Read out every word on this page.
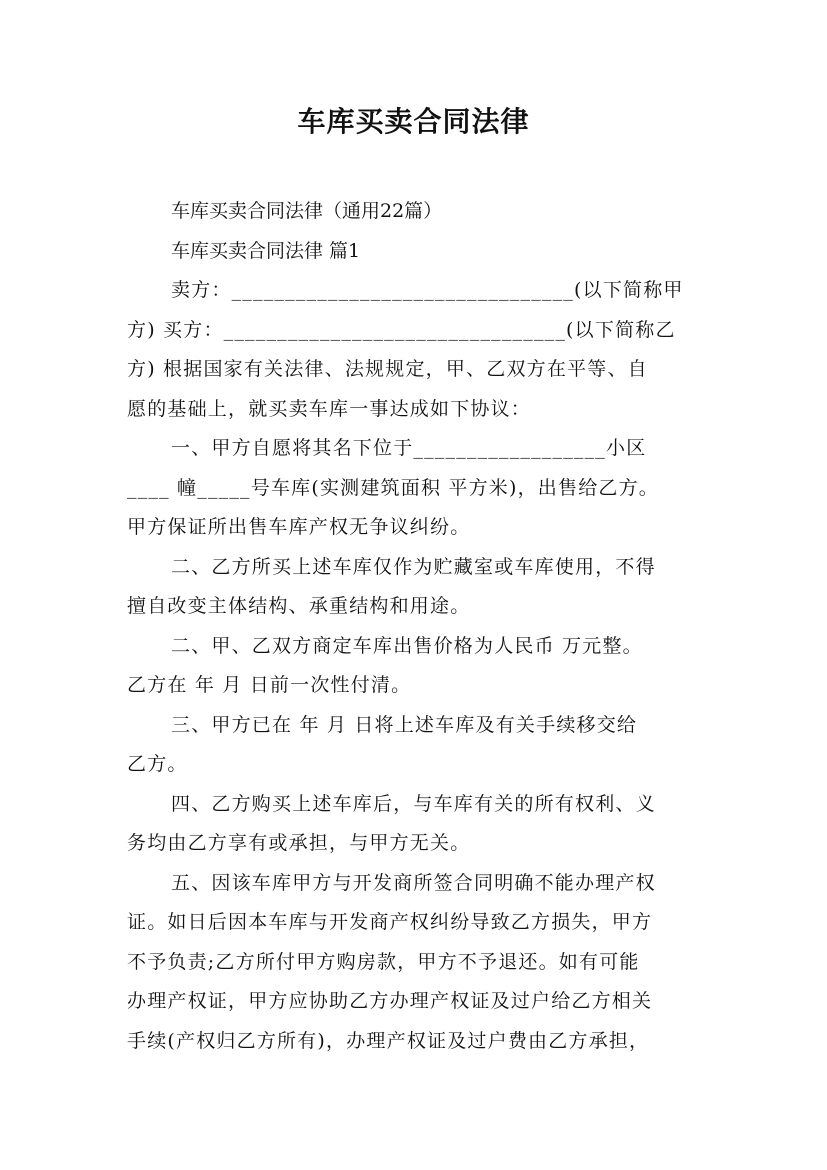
车库买卖合同法律
车库买卖合同法律（通用22篇）
车库买卖合同法律 篇1
卖方：________________________________(以下简称甲
方) 买方：________________________________(以下简称乙
方) 根据国家有关法律、法规规定，甲、乙双方在平等、自
愿的基础上，就买卖车库一事达成如下协议：
一、甲方自愿将其名下位于__________________小区
____ 幢_____号车库(实测建筑面积 平方米)，出售给乙方。
甲方保证所出售车库产权无争议纠纷。
二、乙方所买上述车库仅作为贮藏室或车库使用，不得
擅自改变主体结构、承重结构和用途。
二、甲、乙双方商定车库出售价格为人民币 万元整。
乙方在 年 月 日前一次性付清。
三、甲方已在 年 月 日将上述车库及有关手续移交给
乙方。
四、乙方购买上述车库后，与车库有关的所有权利、义
务均由乙方享有或承担，与甲方无关。
五、因该车库甲方与开发商所签合同明确不能办理产权
证。如日后因本车库与开发商产权纠纷导致乙方损失，甲方
不予负责;乙方所付甲方购房款，甲方不予退还。如有可能
办理产权证，甲方应协助乙方办理产权证及过户给乙方相关
手续(产权归乙方所有)，办理产权证及过户费由乙方承担，
